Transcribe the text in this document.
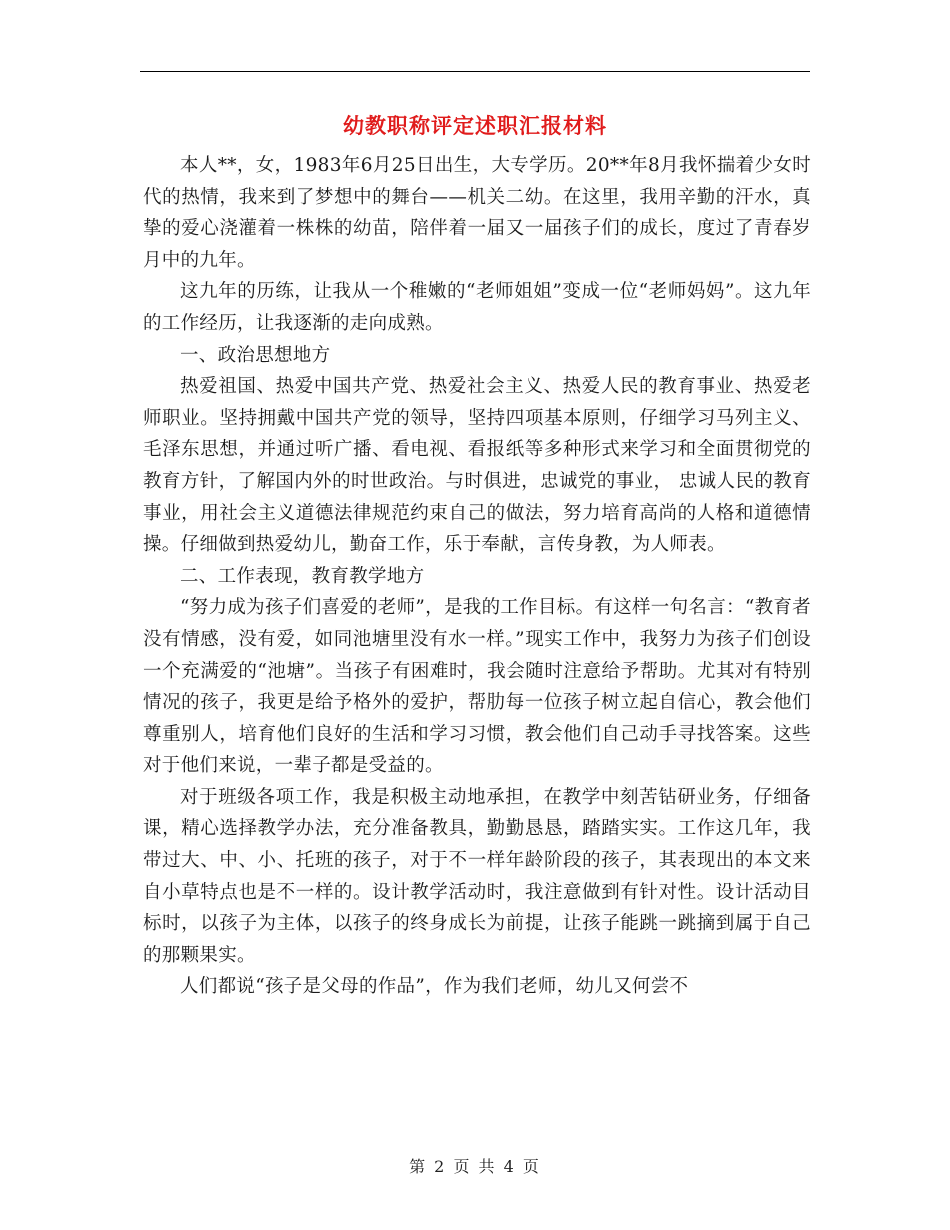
幼教职称评定述职汇报材料

本人**，女，1983年6月25日出生，大专学历。20**年8月我怀揣着少女时代的热情，我来到了梦想中的舞台——机关二幼。在这里，我用辛勤的汗水，真挚的爱心浇灌着一株株的幼苗，陪伴着一届又一届孩子们的成长，度过了青春岁月中的九年。

这九年的历练，让我从一个稚嫩的“老师姐姐”变成一位“老师妈妈”。这九年的工作经历，让我逐渐的走向成熟。

一、政治思想地方

热爱祖国、热爱中国共产党、热爱社会主义、热爱人民的教育事业、热爱老师职业。坚持拥戴中国共产党的领导，坚持四项基本原则，仔细学习马列主义、毛泽东思想，并通过听广播、看电视、看报纸等多种形式来学习和全面贯彻党的教育方针，了解国内外的时世政治。与时俱进，忠诚党的事业， 忠诚人民的教育事业，用社会主义道德法律规范约束自己的做法，努力培育高尚的人格和道德情操。仔细做到热爱幼儿，勤奋工作，乐于奉献，言传身教，为人师表。

二、工作表现，教育教学地方

“努力成为孩子们喜爱的老师”，是我的工作目标。有这样一句名言：“教育者没有情感，没有爱，如同池塘里没有水一样。”现实工作中，我努力为孩子们创设一个充满爱的“池塘”。当孩子有困难时，我会随时注意给予帮助。尤其对有特别情况的孩子，我更是给予格外的爱护，帮肋每一位孩子树立起自信心，教会他们尊重别人，培育他们良好的生活和学习习惯，教会他们自己动手寻找答案。这些对于他们来说，一辈子都是受益的。

对于班级各项工作，我是积极主动地承担，在教学中刻苦钻研业务，仔细备课，精心选择教学办法，充分准备教具，勤勤恳恳，踏踏实实。工作这几年，我带过大、中、小、托班的孩子，对于不一样年龄阶段的孩子，其表现出的本文来自小草特点也是不一样的。设计教学活动时，我注意做到有针对性。设计活动目标时，以孩子为主体，以孩子的终身成长为前提，让孩子能跳一跳摘到属于自己的那颗果实。

人们都说“孩子是父母的作品”，作为我们老师，幼儿又何尝不

第 2 页 共 4 页
